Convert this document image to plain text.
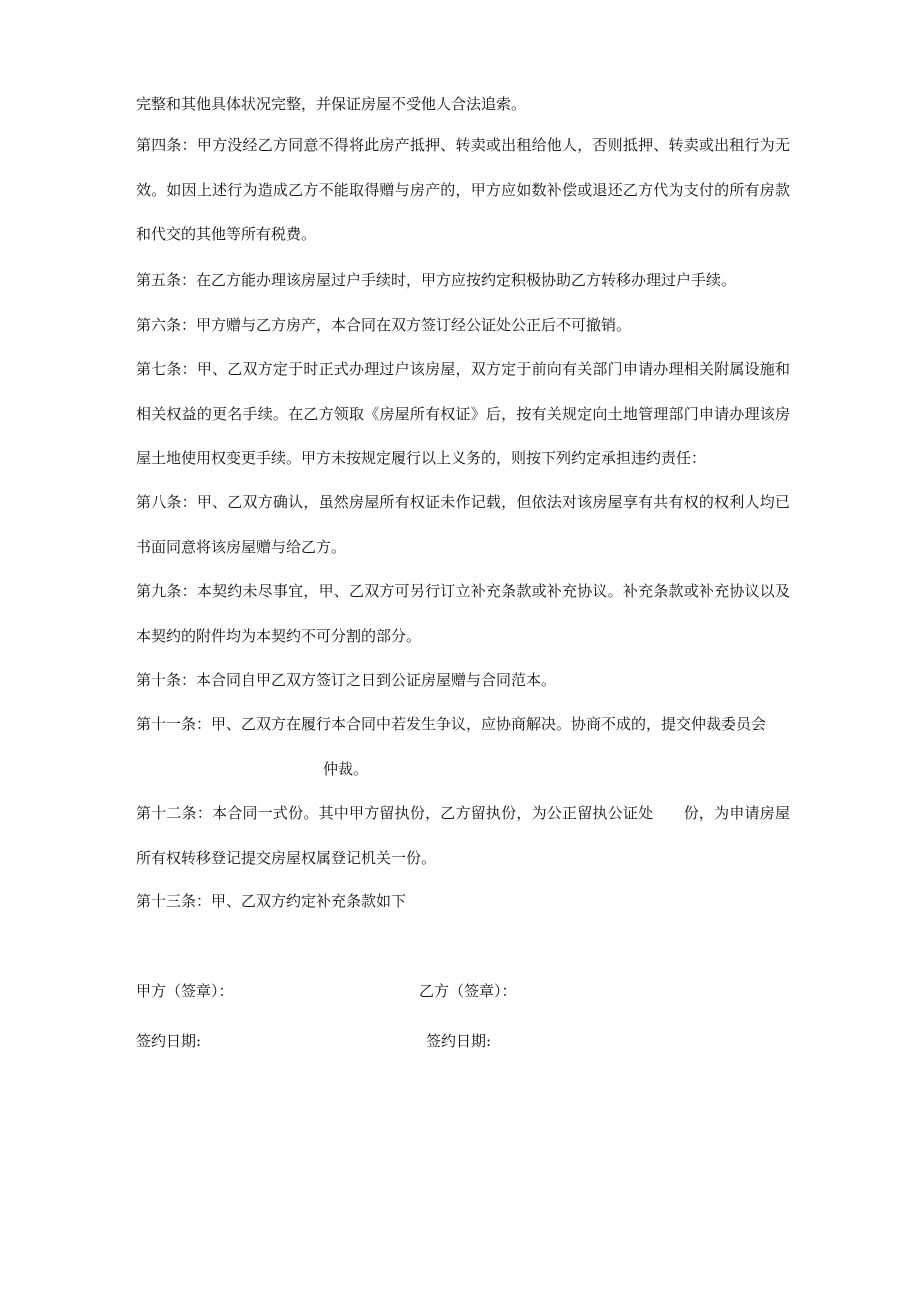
完整和其他具体状况完整，并保证房屋不受他人合法追索。

第四条：甲方没经乙方同意不得将此房产抵押、转卖或出租给他人，否则抵押、转卖或出租行为无效。如因上述行为造成乙方不能取得赠与房产的，甲方应如数补偿或退还乙方代为支付的所有房款和代交的其他等所有税费。

第五条：在乙方能办理该房屋过户手续时，甲方应按约定积极协助乙方转移办理过户手续。

第六条：甲方赠与乙方房产，本合同在双方签订经公证处公正后不可撤销。

第七条：甲、乙双方定于时正式办理过户该房屋，双方定于前向有关部门申请办理相关附属设施和相关权益的更名手续。在乙方领取《房屋所有权证》后，按有关规定向土地管理部门申请办理该房屋土地使用权变更手续。甲方未按规定履行以上义务的，则按下列约定承担违约责任：

第八条：甲、乙双方确认，虽然房屋所有权证未作记载，但依法对该房屋享有共有权的权利人均已书面同意将该房屋赠与给乙方。

第九条：本契约未尽事宜，甲、乙双方可另行订立补充条款或补充协议。补充条款或补充协议以及本契约的附件均为本契约不可分割的部分。

第十条：本合同自甲乙双方签订之日到公证房屋赠与合同范本。

第十一条：甲、乙双方在履行本合同中若发生争议，应协商解决。协商不成的，提交仲裁委员会

仲裁。

第十二条：本合同一式份。其中甲方留执份，乙方留执份，为公正留执公证处　　份，为申请房屋所有权转移登记提交房屋权属登记机关一份。

第十三条：甲、乙双方约定补充条款如下

甲方（签章）：	乙方（签章）：

签约日期:	签约日期:
